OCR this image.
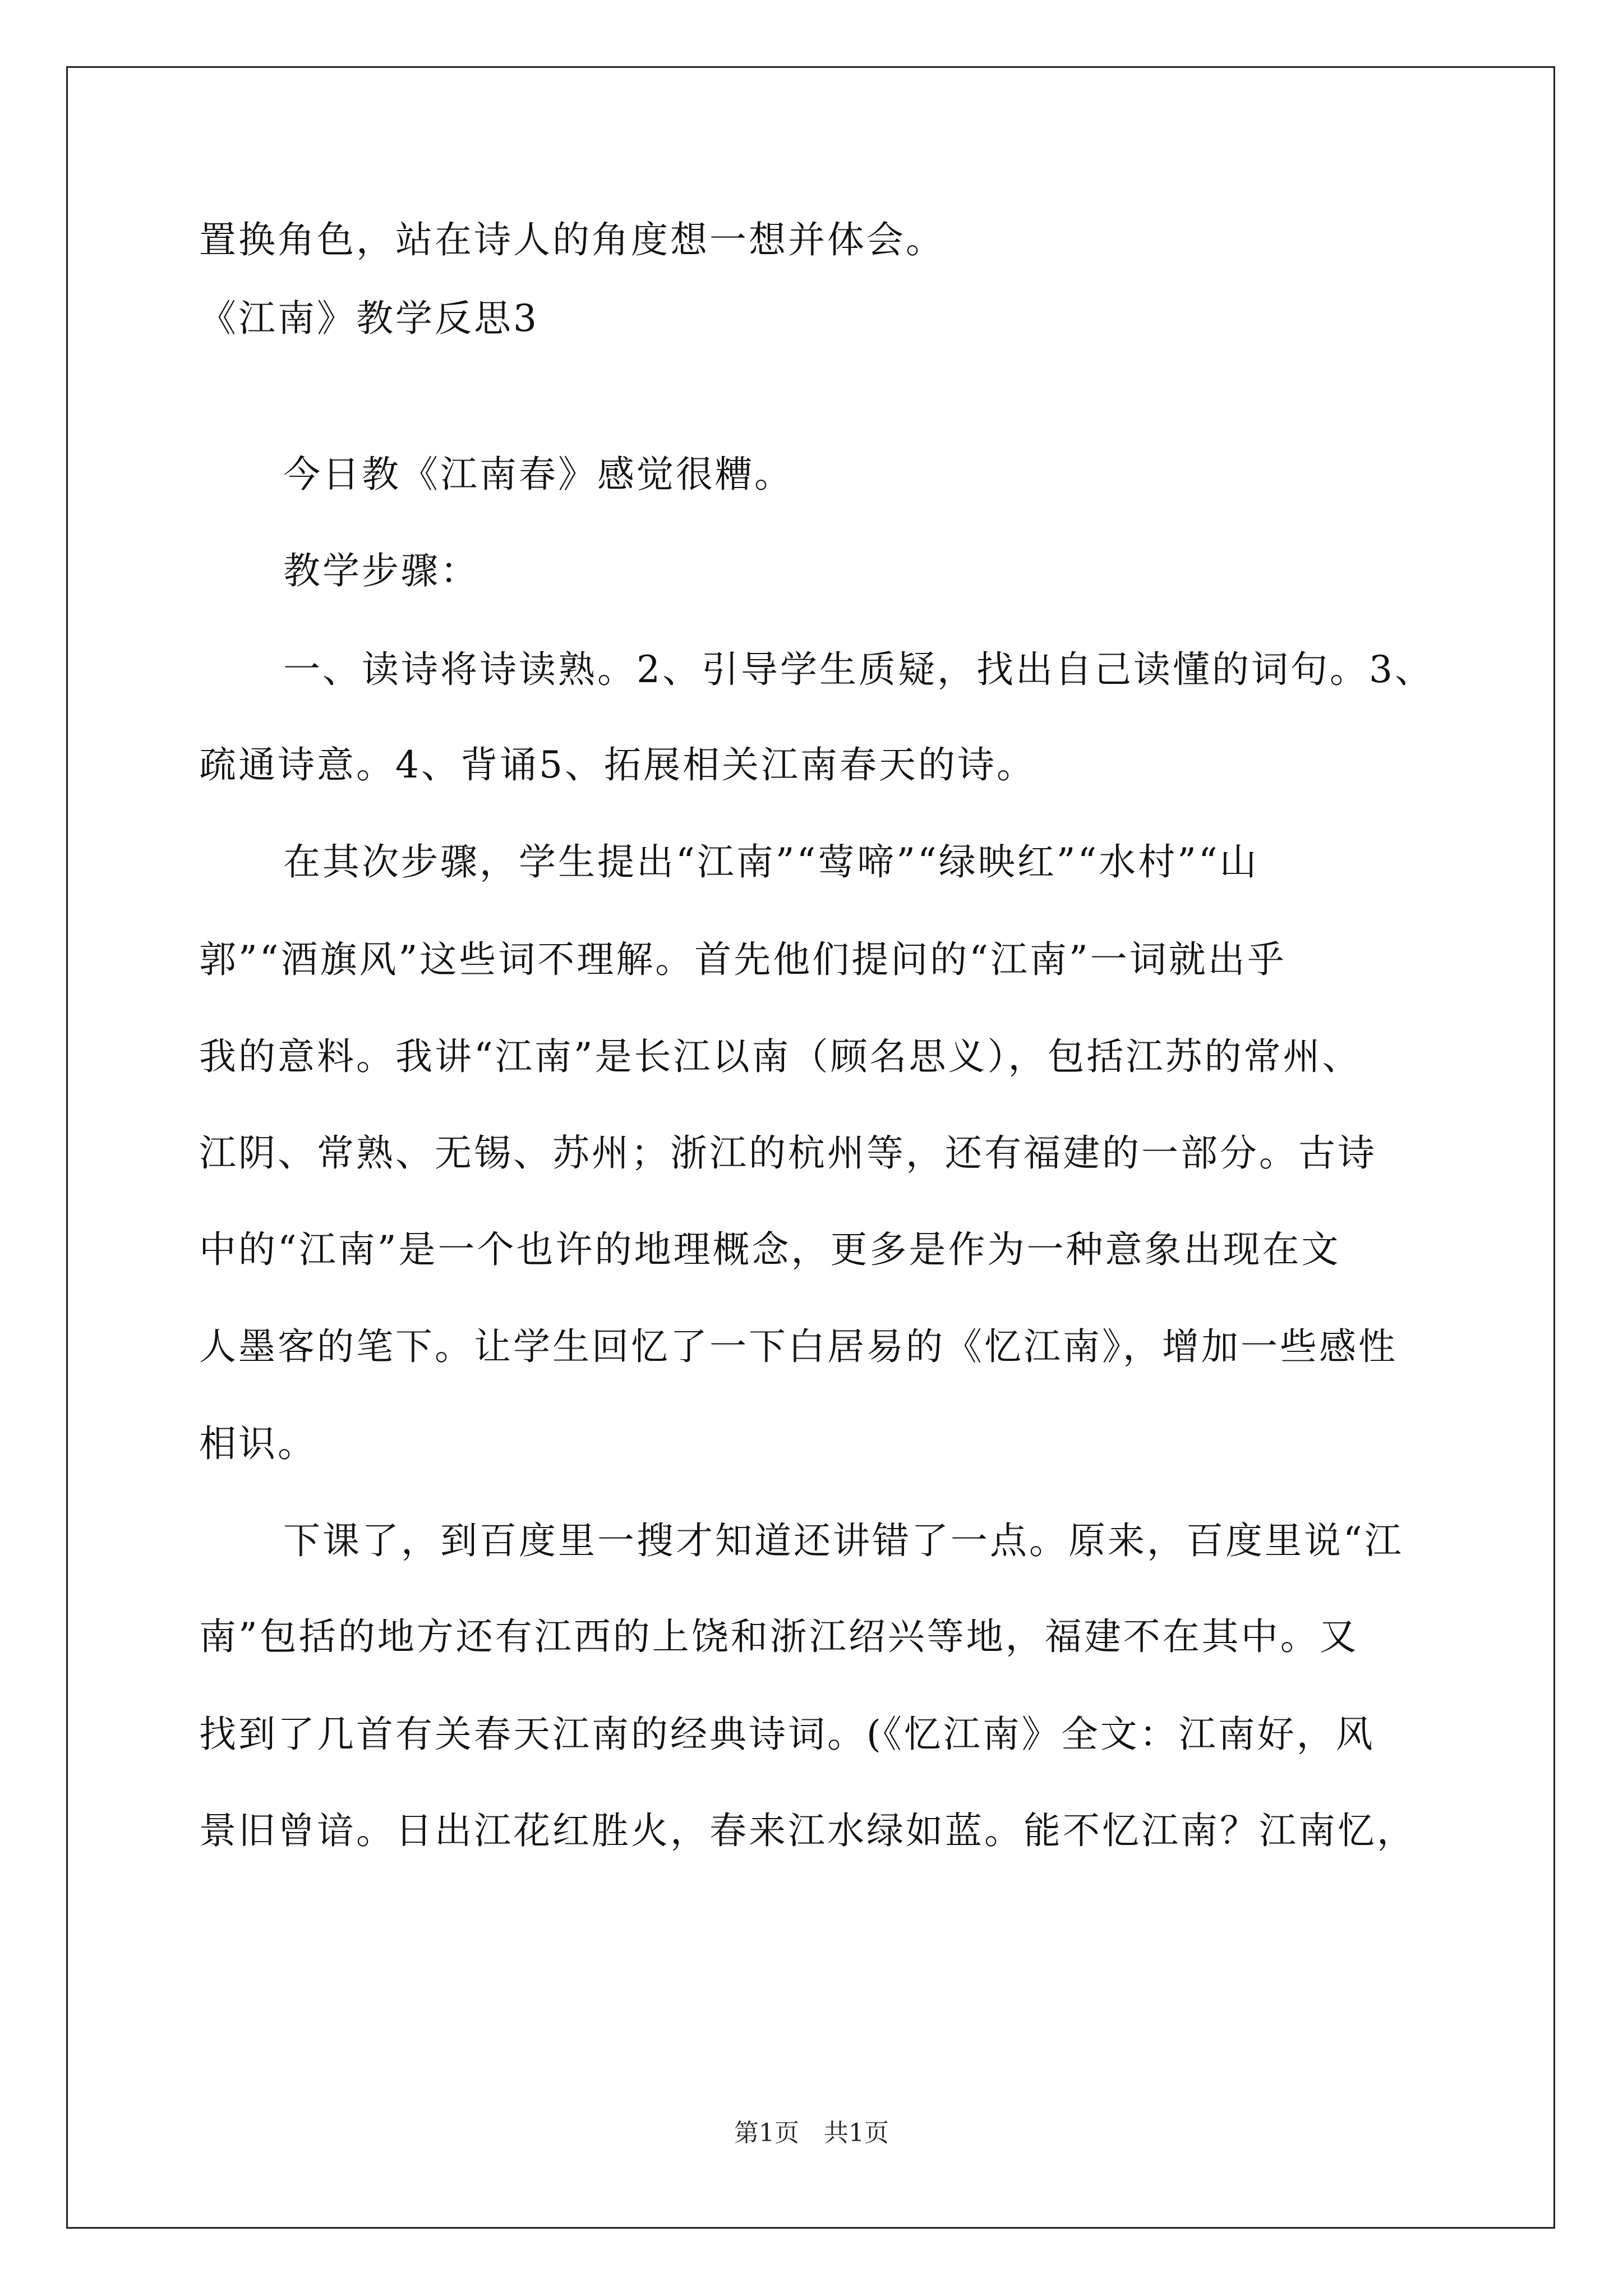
置换角色，站在诗人的角度想一想并体会。
《江南》教学反思3
今日教《江南春》感觉很糟。
教学步骤：
一、读诗将诗读熟。2、引导学生质疑，找出自己读懂的词句。3、
疏通诗意。4、背诵5、拓展相关江南春天的诗。
在其次步骤，学生提出“江南”“莺啼”“绿映红”“水村”“山
郭”“酒旗风”这些词不理解。首先他们提问的“江南”一词就出乎
我的意料。我讲“江南”是长江以南（顾名思义），包括江苏的常州、
江阴、常熟、无锡、苏州；浙江的杭州等，还有福建的一部分。古诗
中的“江南”是一个也许的地理概念，更多是作为一种意象出现在文
人墨客的笔下。让学生回忆了一下白居易的《忆江南》，增加一些感性
相识。
下课了，到百度里一搜才知道还讲错了一点。原来，百度里说“江
南”包括的地方还有江西的上饶和浙江绍兴等地，福建不在其中。又
找到了几首有关春天江南的经典诗词。(《忆江南》全文：江南好，风
景旧曾谙。日出江花红胜火，春来江水绿如蓝。能不忆江南？江南忆，
第1页　共1页
